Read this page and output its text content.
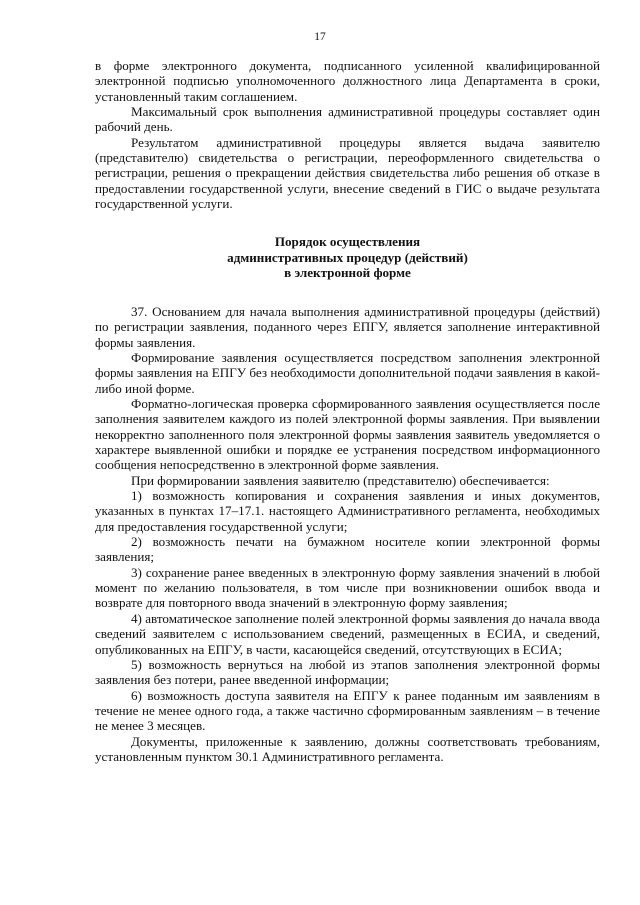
17

в форме электронного документа, подписанного усиленной квалифицированной электронной подписью уполномоченного должностного лица Департамента в сроки, установленный таким соглашением.

Максимальный срок выполнения административной процедуры составляет один рабочий день.

Результатом административной процедуры является выдача заявителю (представителю) свидетельства о регистрации, переоформленного свидетельства о регистрации, решения о прекращении действия свидетельства либо решения об отказе в предоставлении государственной услуги, внесение сведений в ГИС о выдаче результата государственной услуги.

Порядок осуществления
административных процедур (действий)
в электронной форме

37. Основанием для начала выполнения административной процедуры (действий) по регистрации заявления, поданного через ЕПГУ, является заполнение интерактивной формы заявления.

Формирование заявления осуществляется посредством заполнения электронной формы заявления на ЕПГУ без необходимости дополнительной подачи заявления в какой-либо иной форме.

Форматно-логическая проверка сформированного заявления осуществляется после заполнения заявителем каждого из полей электронной формы заявления. При выявлении некорректно заполненного поля электронной формы заявления заявитель уведомляется о характере выявленной ошибки и порядке ее устранения посредством информационного сообщения непосредственно в электронной форме заявления.

При формировании заявления заявителю (представителю) обеспечивается:

1) возможность копирования и сохранения заявления и иных документов, указанных в пунктах 17–17.1. настоящего Административного регламента, необходимых для предоставления государственной услуги;

2) возможность печати на бумажном носителе копии электронной формы заявления;

3) сохранение ранее введенных в электронную форму заявления значений в любой момент по желанию пользователя, в том числе при возникновении ошибок ввода и возврате для повторного ввода значений в электронную форму заявления;

4) автоматическое заполнение полей электронной формы заявления до начала ввода сведений заявителем с использованием сведений, размещенных в ЕСИА, и сведений, опубликованных на ЕПГУ, в части, касающейся сведений, отсутствующих в ЕСИА;

5) возможность вернуться на любой из этапов заполнения электронной формы заявления без потери, ранее введенной информации;

6) возможность доступа заявителя на ЕПГУ к ранее поданным им заявлениям в течение не менее одного года, а также частично сформированным заявлениям – в течение не менее 3 месяцев.

Документы, приложенные к заявлению, должны соответствовать требованиям, установленным пунктом 30.1 Административного регламента.
